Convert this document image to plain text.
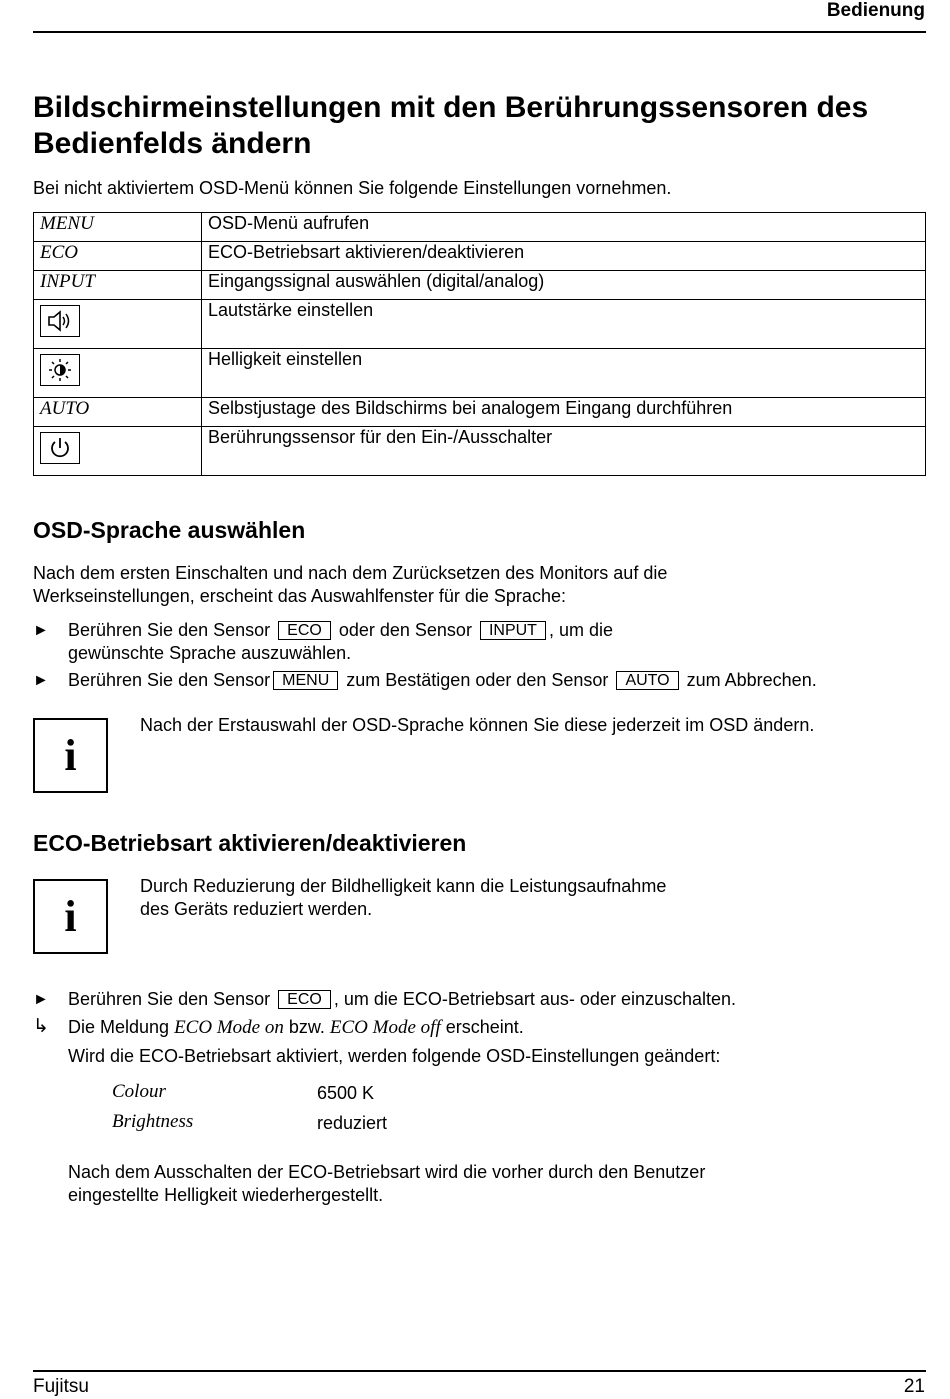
Bedienung
Bildschirmeinstellungen mit den Berührungssensoren des Bedienfelds ändern
Bei nicht aktiviertem OSD-Menü können Sie folgende Einstellungen vornehmen.
MENU	OSD-Menü aufrufen
ECO	ECO-Betriebsart aktivieren/deaktivieren
INPUT	Eingangssignal auswählen (digital/analog)

	Lautstärke einstellen

	Helligkeit einstellen
AUTO	Selbstjustage des Bildschirms bei analogem Eingang durchführen

	Berührungssensor für den Ein-/Ausschalter
OSD-Sprache auswählen
Nach dem ersten Einschalten und nach dem Zurücksetzen des Monitors auf die
Werkseinstellungen, erscheint das Auswahlfenster für die Sprache:
► Berühren Sie den Sensor ECO oder den Sensor INPUT , um die
gewünschte Sprache auszuwählen.
► Berühren Sie den Sensor MENU zum Bestätigen oder den Sensor AUTO zum Abbrechen.
i
Nach der Erstauswahl der OSD-Sprache können Sie diese jederzeit im OSD ändern.
ECO-Betriebsart aktivieren/deaktivieren
i
Durch Reduzierung der Bildhelligkeit kann die Leistungsaufnahme
des Geräts reduziert werden.
► Berühren Sie den Sensor ECO , um die ECO-Betriebsart aus- oder einzuschalten.
↳ Die Meldung ECO Mode on bzw. ECO Mode off erscheint.
Wird die ECO-Betriebsart aktiviert, werden folgende OSD-Einstellungen geändert:
Colour	6500 K
Brightness	reduziert
Nach dem Ausschalten der ECO-Betriebsart wird die vorher durch den Benutzer
eingestellte Helligkeit wiederhergestellt.
Fujitsu	21
